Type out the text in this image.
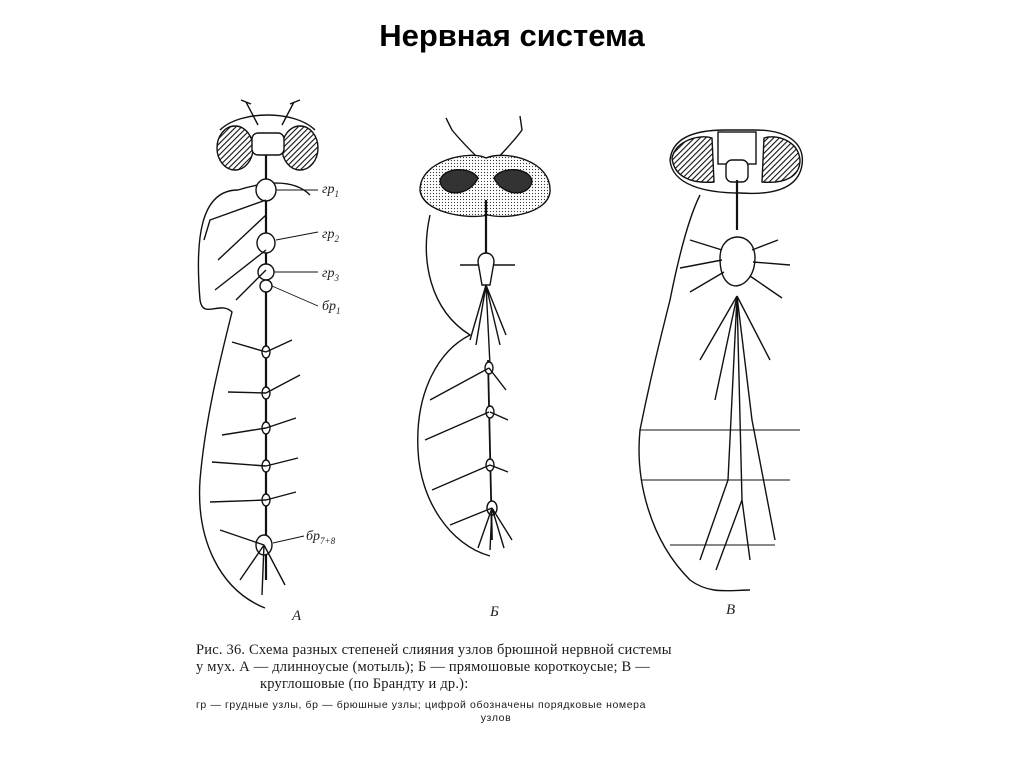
Нервная система
$гр_1$
$гр_2$
$гр_3$
$бр_1$
$бр_{7+8}$
А	Б	В

Рис. 36. Схема разных степеней слияния узлов брюшной нервной системы

у мух. А — длинноусые (мотыль); Б — прямошовые короткоусые; В —

круглошовые (по Брандту и др.):

гр — грудные узлы, бр — брюшные узлы; цифрой обозначены порядковые номера
узлов
